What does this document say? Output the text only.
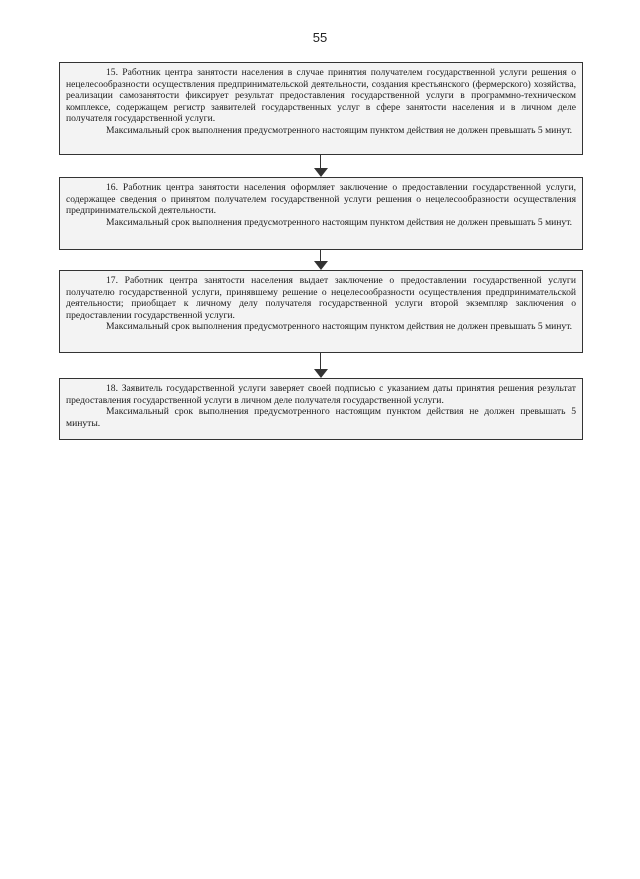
55

15. Работник центра занятости населения в случае принятия получателем государственной услуги решения о нецелесообразности осуществления предпринимательской деятельности, создания крестьянского (фермерского) хозяйства, реализации самозанятости фиксирует результат предоставления государственной услуги в программно-техническом комплексе, содержащем регистр заявителей государственных услуг в сфере занятости населения и в личном деле получателя государственной услуги.

Максимальный срок выполнения предусмотренного настоящим пунктом действия не должен превышать 5 минут.

16. Работник центра занятости населения оформляет заключение о предоставлении государственной услуги, содержащее сведения о принятом получателем государственной услуги решения о нецелесообразности осуществления предпринимательской деятельности.

Максимальный срок выполнения предусмотренного настоящим пунктом действия не должен превышать 5 минут.

17. Работник центра занятости населения выдает заключение о предоставлении государственной услуги получателю государственной услуги, принявшему решение о нецелесообразности осуществления предпринимательской деятельности; приобщает к личному делу получателя государственной услуги второй экземпляр заключения о предоставлении государственной услуги.

Максимальный срок выполнения предусмотренного настоящим пунктом действия не должен превышать 5 минут.

18. Заявитель государственной услуги заверяет своей подписью с указанием даты принятия решения результат предоставления государственной услуги в личном деле получателя государственной услуги.

Максимальный срок выполнения предусмотренного настоящим пунктом действия не должен превышать 5 минуты.
